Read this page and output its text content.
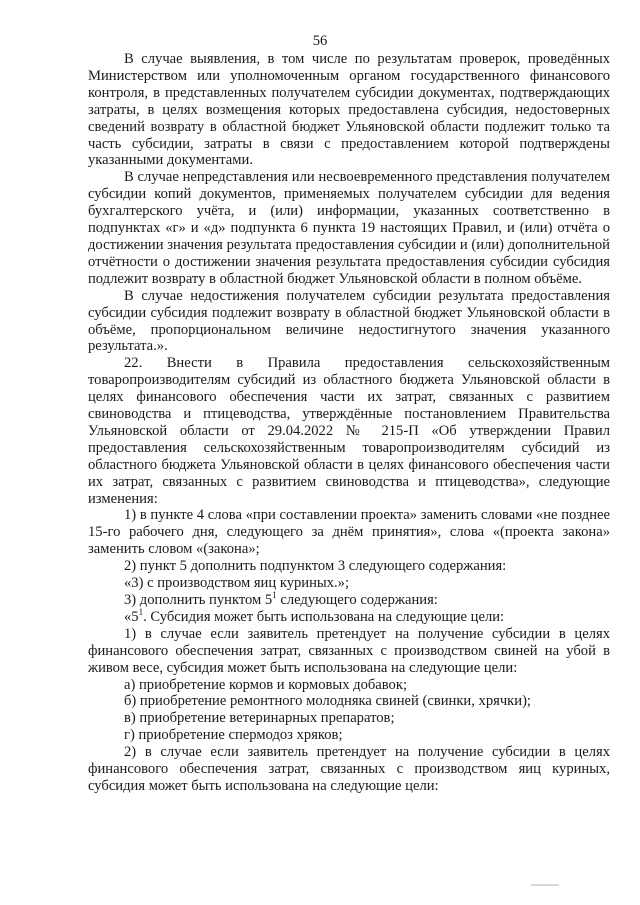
56

В случае выявления, в том числе по результатам проверок, проведённых Министерством или уполномоченным органом государственного финансового контроля, в представленных получателем субсидии документах, подтверждающих затраты, в целях возмещения которых предоставлена субсидия, недостоверных сведений возврату в областной бюджет Ульяновской области подлежит только та часть субсидии, затраты в связи с предоставлением которой подтверждены указанными документами.

В случае непредставления или несвоевременного представления получателем субсидии копий документов, применяемых получателем субсидии для ведения бухгалтерского учёта, и (или) информации, указанных соответственно в подпунктах «г» и «д» подпункта 6 пункта 19 настоящих Правил, и (или) отчёта о достижении значения результата предоставления субсидии и (или) дополнительной отчётности о достижении значения результата предоставления субсидии субсидия подлежит возврату в областной бюджет Ульяновской области в полном объёме.

В случае недостижения получателем субсидии результата предоставления субсидии субсидия подлежит возврату в областной бюджет Ульяновской области в объёме, пропорциональном величине недостигнутого значения указанного результата.».

22. Внести в Правила предоставления сельскохозяйственным товаропроизводителям субсидий из областного бюджета Ульяновской области в целях финансового обеспечения части их затрат, связанных с развитием свиноводства и птицеводства, утверждённые постановлением Правительства Ульяновской области от 29.04.2022 № 215-П «Об утверждении Правил предоставления сельскохозяйственным товаропроизводителям субсидий из областного бюджета Ульяновской области в целях финансового обеспечения части их затрат, связанных с развитием свиноводства и птицеводства», следующие изменения:

1) в пункте 4 слова «при составлении проекта» заменить словами «не позднее 15-го рабочего дня, следующего за днём принятия», слова «(проекта закона» заменить словом «(закона»;

2) пункт 5 дополнить подпунктом 3 следующего содержания:

«3) с производством яиц куриных.»;

3) дополнить пунктом $5^1$ следующего содержания:

«$5^1$. Субсидия может быть использована на следующие цели:

1) в случае если заявитель претендует на получение субсидии в целях финансового обеспечения затрат, связанных с производством свиней на убой в живом весе, субсидия может быть использована на следующие цели:

а) приобретение кормов и кормовых добавок;

б) приобретение ремонтного молодняка свиней (свинки, хрячки);

в) приобретение ветеринарных препаратов;

г) приобретение спермодоз хряков;

2) в случае если заявитель претендует на получение субсидии в целях финансового обеспечения затрат, связанных с производством яиц куриных, субсидия может быть использована на следующие цели:
